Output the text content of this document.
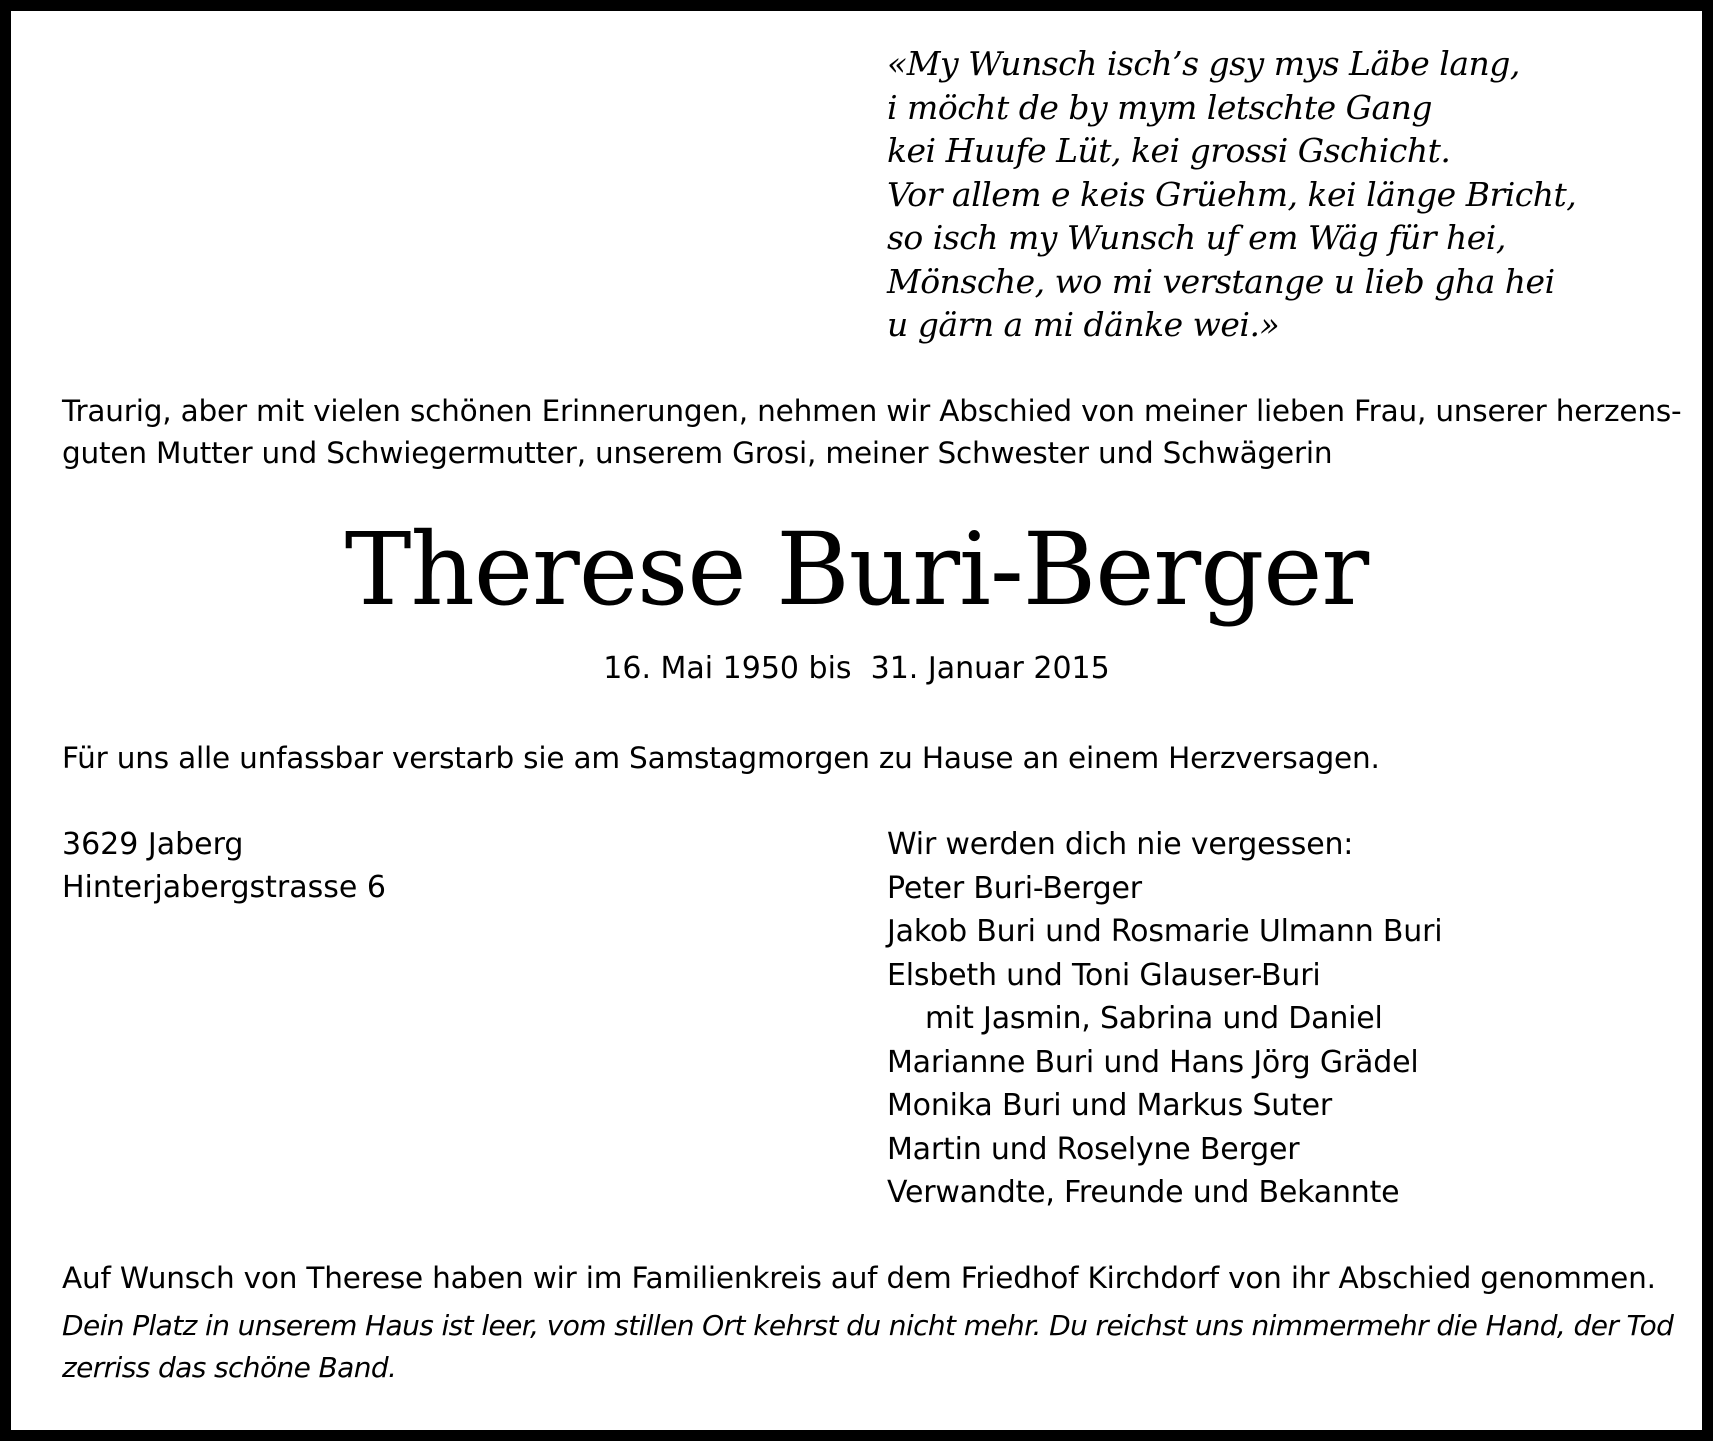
«My Wunsch isch’s gsy mys Läbe lang,
i möcht de by mym letschte Gang
kei Huufe Lüt, kei grossi Gschicht.
Vor allem e keis Grüehm, kei länge Bricht,
so isch my Wunsch uf em Wäg für hei,
Mönsche, wo mi verstange u lieb gha hei
u gärn a mi dänke wei.»
Traurig, aber mit vielen schönen Erinnerungen, nehmen wir Abschied von meiner lieben Frau, unserer herzens-
guten Mutter und Schwiegermutter, unserem Grosi, meiner Schwester und Schwägerin
Therese Buri-Berger
16. Mai 1950 bis  31. Januar 2015
Für uns alle unfassbar verstarb sie am Samstagmorgen zu Hause an einem Herzversagen.
3629 Jaberg
Hinterjabergstrasse 6
Wir werden dich nie vergessen:
Peter Buri-Berger
Jakob Buri und Rosmarie Ulmann Buri
Elsbeth und Toni Glauser-Buri
mit Jasmin, Sabrina und Daniel
Marianne Buri und Hans Jörg Grädel
Monika Buri und Markus Suter
Martin und Roselyne Berger
Verwandte, Freunde und Bekannte
Auf Wunsch von Therese haben wir im Familienkreis auf dem Friedhof Kirchdorf von ihr Abschied genommen.
Dein Platz in unserem Haus ist leer, vom stillen Ort kehrst du nicht mehr. Du reichst uns nimmermehr die Hand, der Tod
zerriss das schöne Band.
